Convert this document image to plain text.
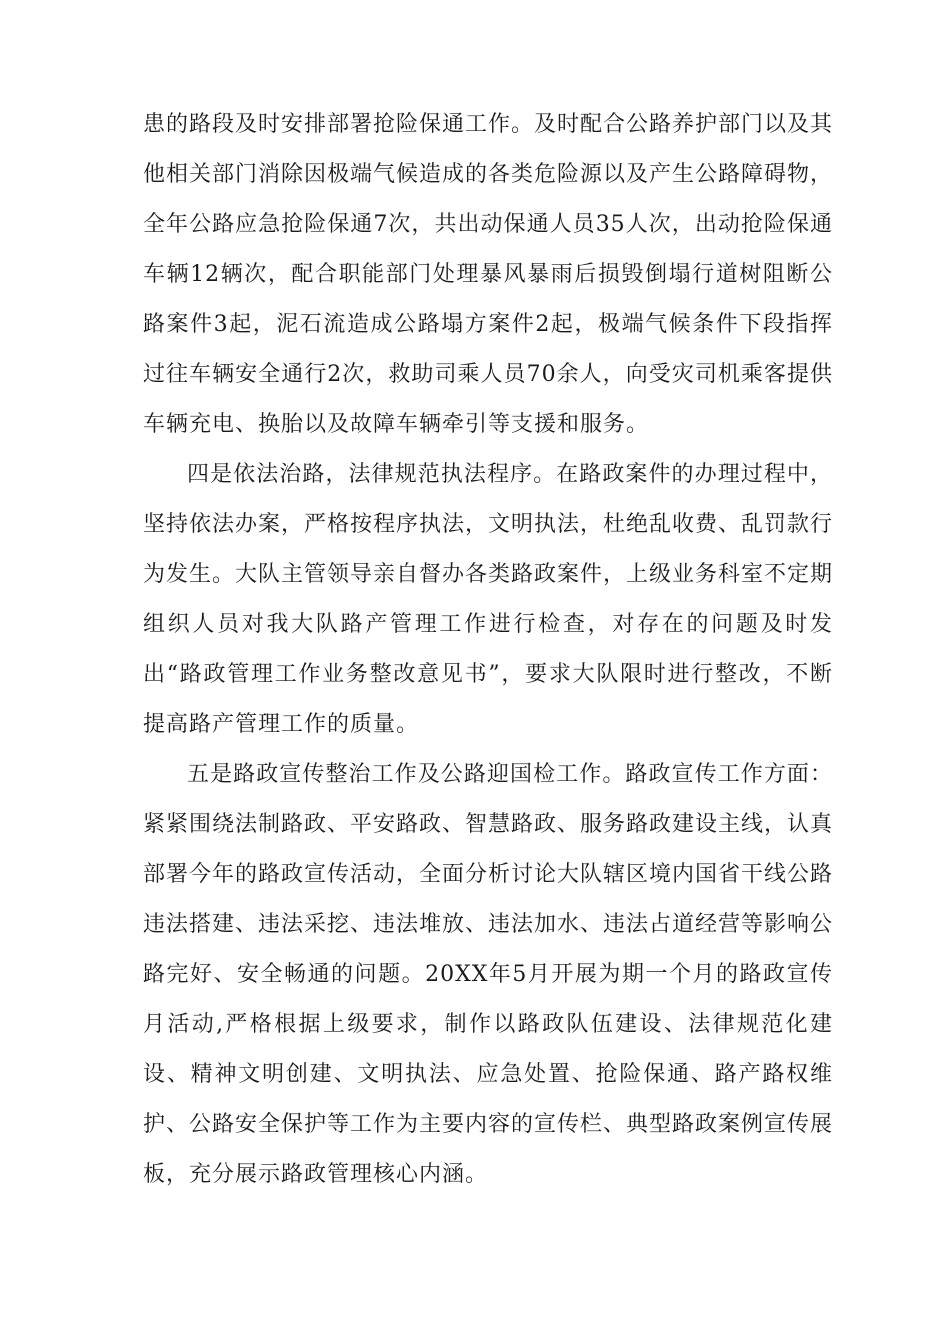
患的路段及时安排部署抢险保通工作。及时配合公路养护部门以及其他相关部门消除因极端气候造成的各类危险源以及产生公路障碍物，全年公路应急抢险保通7次，共出动保通人员35人次，出动抢险保通车辆12辆次，配合职能部门处理暴风暴雨后损毁倒塌行道树阻断公路案件3起，泥石流造成公路塌方案件2起，极端气候条件下段指挥过往车辆安全通行2次，救助司乘人员70余人，向受灾司机乘客提供车辆充电、换胎以及故障车辆牵引等支援和服务。

四是依法治路，法律规范执法程序。在路政案件的办理过程中，坚持依法办案，严格按程序执法，文明执法，杜绝乱收费、乱罚款行为发生。大队主管领导亲自督办各类路政案件，上级业务科室不定期组织人员对我大队路产管理工作进行检查，对存在的问题及时发出“路政管理工作业务整改意见书”，要求大队限时进行整改，不断提高路产管理工作的质量。

五是路政宣传整治工作及公路迎国检工作。路政宣传工作方面：紧紧围绕法制路政、平安路政、智慧路政、服务路政建设主线，认真部署今年的路政宣传活动，全面分析讨论大队辖区境内国省干线公路违法搭建、违法采挖、违法堆放、违法加水、违法占道经营等影响公路完好、安全畅通的问题。20XX年5月开展为期一个月的路政宣传月活动,严格根据上级要求，制作以路政队伍建设、法律规范化建设、精神文明创建、文明执法、应急处置、抢险保通、路产路权维护、公路安全保护等工作为主要内容的宣传栏、典型路政案例宣传展板，充分展示路政管理核心内涵。
